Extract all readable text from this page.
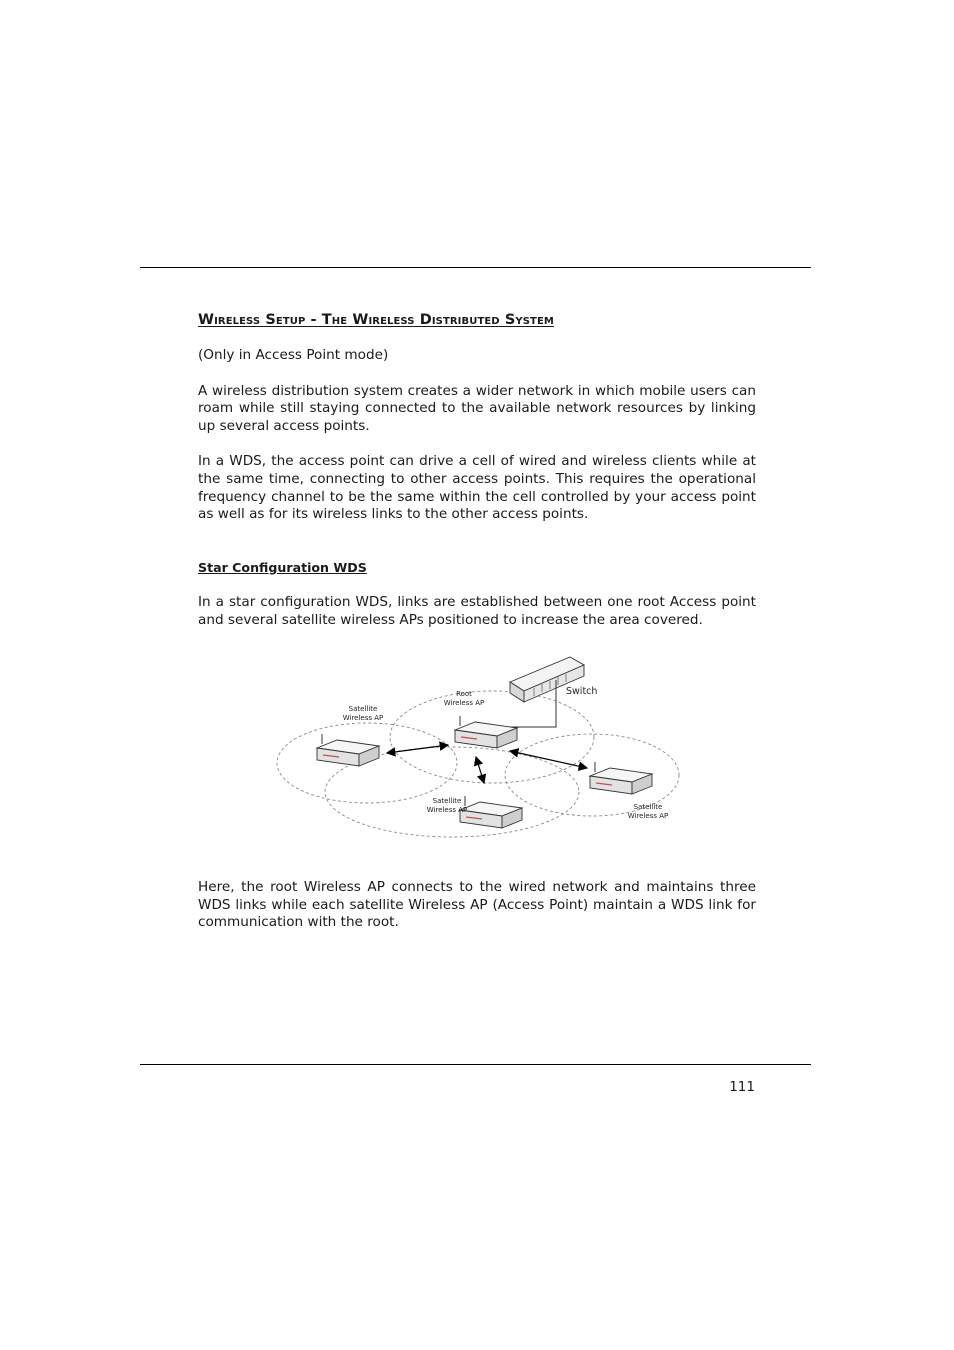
Wireless Setup - The Wireless Distributed System

(Only in Access Point mode)

A wireless distribution system creates a wider network in which mobile users can roam while still staying connected to the available network resources by linking up several access points.

In a WDS, the access point can drive a cell of wired and wireless clients while at the same time, connecting to other access points. This requires the operational frequency channel to be the same within the cell controlled by your access point as well as for its wireless links to the other access points.

Star Configuration WDS

In a star configuration WDS, links are established between one root Access point and several satellite wireless APs positioned to increase the area covered.

Switch
Root
Wireless AP
Satellite
Wireless AP
Satellite
Wireless AP	Satellite
Wireless AP

Here, the root Wireless AP connects to the wired network and maintains three WDS links while each satellite Wireless AP (Access Point) maintain a WDS link for communication with the root.

111
